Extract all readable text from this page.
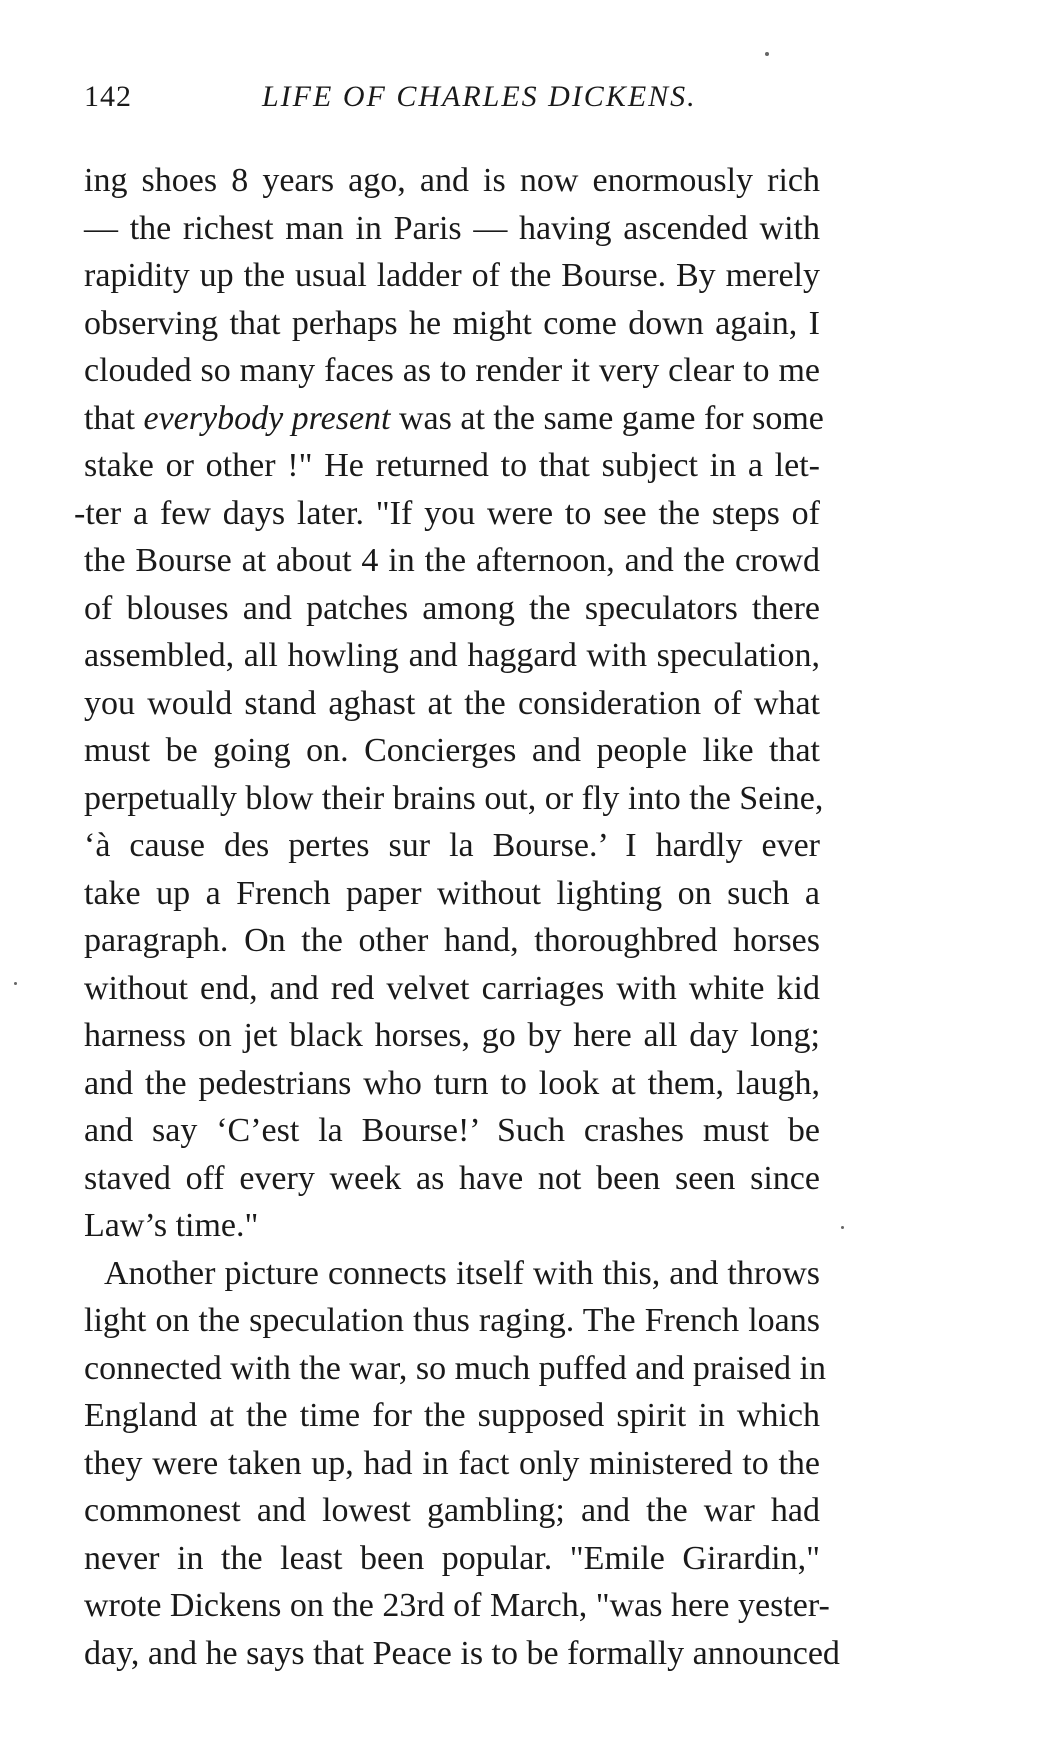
142	LIFE OF CHARLES DICKENS.
ing shoes 8 years ago, and is now enormously rich
— the richest man in Paris — having ascended with
rapidity up the usual ladder of the Bourse. By merely
observing that perhaps he might come down again, I
clouded so many faces as to render it very clear to me
that everybody present was at the same game for some
stake or other !" He returned to that subject in a let-
-ter a few days later. "If you were to see the steps of
the Bourse at about 4 in the afternoon, and the crowd
of blouses and patches among the speculators there
assembled, all howling and haggard with speculation,
you would stand aghast at the consideration of what
must be going on. Concierges and people like that
perpetually blow their brains out, or fly into the Seine,
‘à cause des pertes sur la Bourse.’ I hardly ever
take up a French paper without lighting on such a
paragraph. On the other hand, thoroughbred horses
without end, and red velvet carriages with white kid
harness on jet black horses, go by here all day long;
and the pedestrians who turn to look at them, laugh,
and say ‘C’est la Bourse!’ Such crashes must be
staved off every week as have not been seen since
Law’s time."
Another picture connects itself with this, and throws
light on the speculation thus raging. The French loans
connected with the war, so much puffed and praised in
England at the time for the supposed spirit in which
they were taken up, had in fact only ministered to the
commonest and lowest gambling; and the war had
never in the least been popular. "Emile Girardin,"
wrote Dickens on the 23rd of March, "was here yester-
day, and he says that Peace is to be formally announced
